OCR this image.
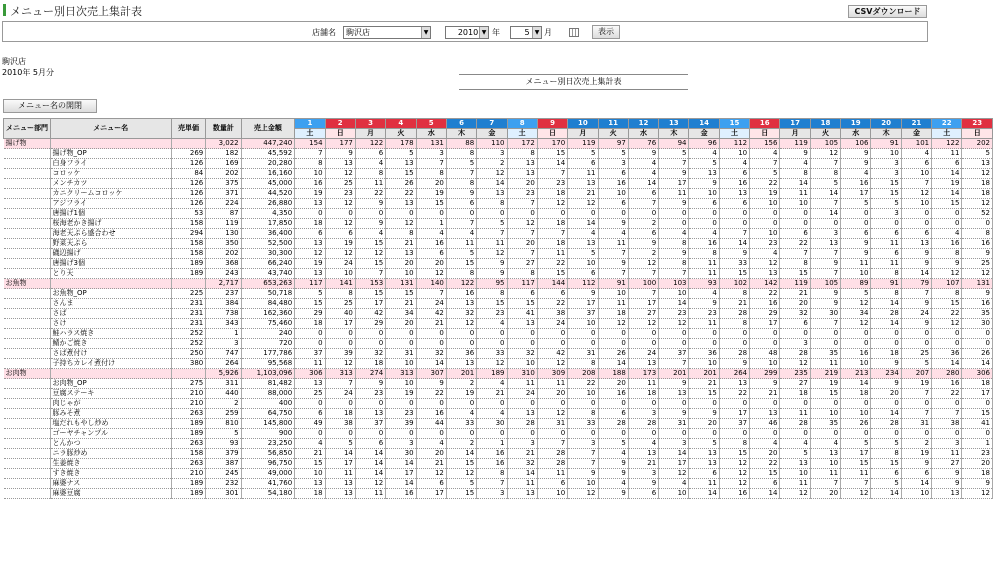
メニュー別日次売上集計表	CSVダウンロード
店舗名	駒沢店	▼	2010 ▼ 年	5 ▼ 月	表示
駒沢店
2010年 5月分
メニュー別日次売上集計表
メニュー名の開閉
メニュー部門	メニュー名	売単価	数量計	売上金額	1	2	3	4	5	6	7	8	9	10	11	12	13	14	15	16	17	18	19	20	21	22	23
					土	日	月	火	水	木	金	土	日	月	火	水	木	金	土	日	月	火	水	木	金	土	日
揚げ物			3,022	447,240	154	177	122	178	131	88	110	172	170	119	97	76	94	96	112	156	119	105	106	91	101	122	202
	揚げ物_OP	269	182	45,592	7	9	6	5	3	8	3	8	15	5	5	9	5	4	10	4	9	12	9	10	4	11	5
	白身フライ	126	169	20,280	8	13	4	13	7	5	2	13	14	6	3	4	7	5	4	7	4	7	9	3	6	6	13
	コロッケ	84	202	16,160	10	12	8	15	8	7	12	13	7	11	6	4	9	13	6	5	8	8	4	3	10	14	12
	メンチカツ	126	375	45,000	16	25	11	26	20	8	14	20	23	13	16	14	17	9	16	22	14	5	16	15	7	19	18
	カニクリームコロッケ	126	371	44,520	19	23	22	22	19	9	13	23	18	21	10	6	11	10	13	19	11	14	17	15	12	14	18
	アジフライ	126	224	26,880	13	12	9	13	15	6	8	7	12	12	6	7	9	6	6	10	10	7	5	5	10	15	12
	唐揚げ1個	53	87	4,350	0	0	0	0	0	0	0	0	0	0	0	0	0	0	0	0	0	14	0	3	0	0	52
	桜海老かき揚げ	158	119	17,850	18	12	9	12	1	7	5	12	18	14	9	2	0	0	0	0	0	0	0	0	0	0	0
	海老天ぷら盛合わせ	294	130	36,400	6	6	4	8	4	4	7	7	7	4	4	6	4	4	7	10	6	3	6	6	6	4	8
	野菜天ぷら	158	350	52,500	13	19	15	21	16	11	11	20	18	13	11	9	8	16	14	23	22	13	9	11	13	16	16
	磯辺揚げ	158	202	30,300	12	12	12	13	6	5	12	7	11	5	7	2	9	8	9	4	7	7	9	6	9	8	9
	唐揚げ3個	189	368	66,240	19	24	15	20	20	15	9	27	22	10	9	12	8	11	33	12	8	9	11	11	9	9	25
	とり天	189	243	43,740	13	10	7	10	12	8	9	8	15	6	7	7	7	11	15	13	15	7	10	8	14	12	12
お魚物			2,717	653,263	117	141	153	131	140	122	95	117	144	112	91	100	103	93	102	142	119	105	89	91	79	107	131
	お魚物_OP	225	237	50,718	5	8	15	15	7	16	8	6	6	9	10	7	10	4	8	22	21	9	5	8	7	8	9
	さんま	231	384	84,480	15	25	17	21	24	13	15	15	22	17	11	17	14	9	21	16	20	9	12	14	9	15	16
	さば	231	738	162,360	29	40	42	34	42	32	23	41	38	37	18	27	23	23	28	29	32	30	34	28	24	22	35
	さけ	231	343	75,460	18	17	29	20	21	12	4	13	24	10	12	12	12	11	8	17	6	7	12	14	9	12	30
	鮭ハラス焼き	252	1	240	0	0	0	0	0	0	0	0	0	0	0	0	0	0	0	0	0	0	0	0	0	0	0
	鯖かご焼き	252	3	720	0	0	0	0	0	0	0	0	0	0	0	0	0	0	0	0	3	0	0	0	0	0	0
	さば煮付け	250	747	177,786	37	39	32	31	32	36	33	32	42	31	26	24	37	36	28	48	28	35	16	18	25	36	26
	子持ちカレイ煮付け	380	264	95,568	11	12	18	10	14	13	12	10	12	8	14	13	7	10	9	10	12	11	10	9	5	14	14
お肉物			5,926	1,103,096	306	313	274	313	307	201	189	310	309	208	188	173	201	201	264	299	235	219	213	234	207	280	306
	お肉物_OP	275	311	81,482	13	7	9	10	9	2	4	11	11	22	20	11	9	21	13	9	27	19	14	9	19	16	18
	豆腐ステーキ	210	440	88,000	25	24	23	19	22	19	21	24	20	10	16	18	13	15	22	21	18	15	18	20	7	22	17
	肉じゃが	210	2	400	0	0	0	0	0	0	0	0	0	0	0	0	0	0	0	0	0	0	0	0	0	0	0
	豚みそ煮	263	259	64,750	6	18	13	23	16	4	4	13	12	8	6	3	9	9	17	13	11	10	10	14	7	7	15
	塩だれもやし炒め	189	810	145,800	49	38	37	39	44	33	30	28	31	33	28	28	31	20	37	46	28	35	26	28	31	38	41
	ゴーヤチャンプル	189	5	900	0	0	0	0	0	0	0	0	0	0	0	0	0	0	0	0	0	0	0	0	0	0	0
	とんかつ	263	93	23,250	4	5	6	3	4	2	1	3	7	3	5	4	3	5	8	4	4	4	5	5	2	3	1
	ニラ豚炒め	158	379	56,850	21	14	14	30	20	14	16	21	28	7	4	13	14	13	15	20	5	13	17	8	19	11	23
	生姜焼き	263	387	96,750	15	17	14	14	21	15	16	32	28	7	9	21	17	13	12	22	13	10	15	15	9	27	20
	すき焼き	210	245	49,000	10	11	14	17	12	12	8	14	11	9	9	3	12	6	12	15	10	11	11	6	6	9	18
	麻婆ナス	189	232	41,760	13	13	12	14	6	5	7	11	6	10	4	9	4	11	12	6	11	7	7	5	14	9	9
	麻婆豆腐	189	301	54,180	18	13	11	16	17	15	3	13	10	12	9	6	10	14	16	14	12	20	12	14	10	13	12
